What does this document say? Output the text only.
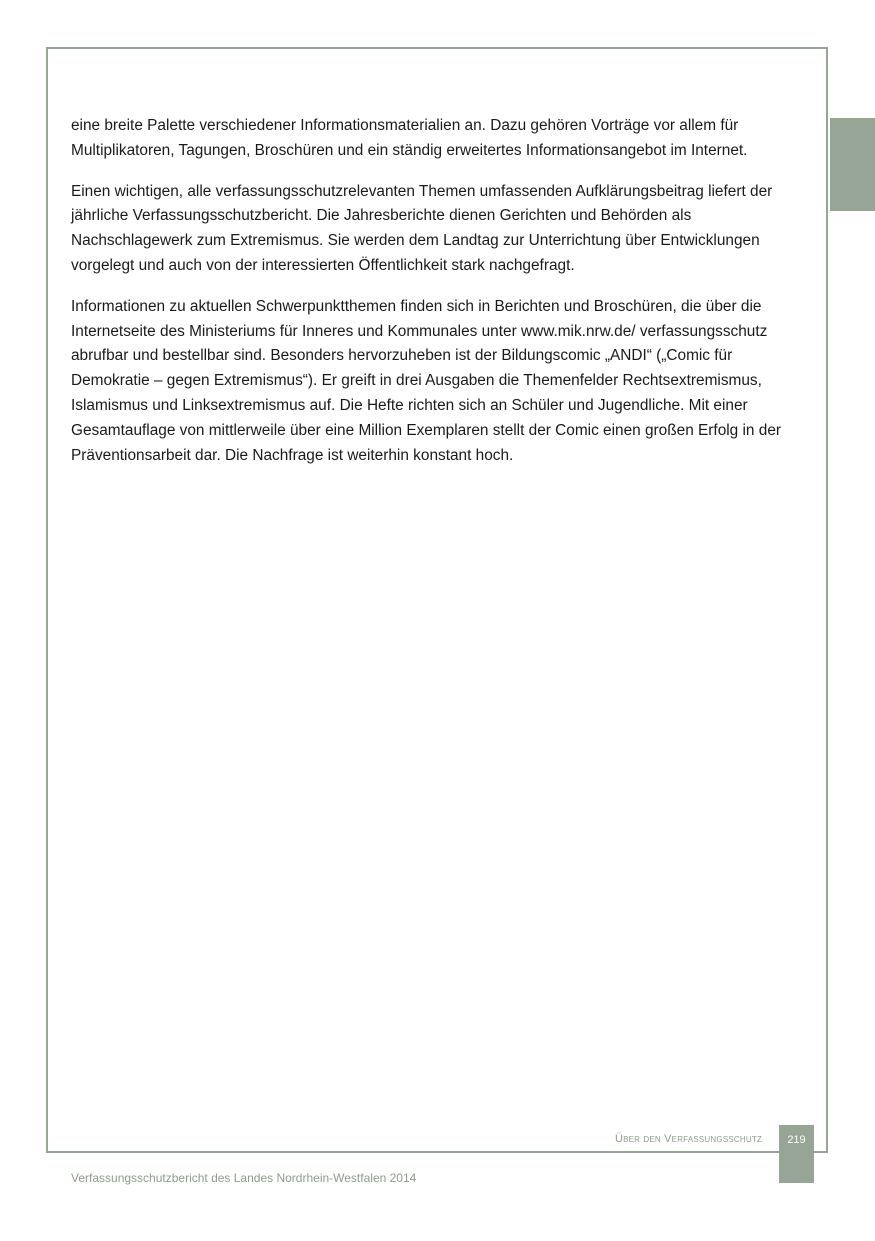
eine breite Palette verschiedener Informationsmaterialien an. Dazu gehören Vorträge vor allem für Multiplikatoren, Tagungen, Broschüren und ein ständig erweitertes Informationsangebot im Internet.

Einen wichtigen, alle verfassungsschutzrelevanten Themen umfassenden Aufklärungsbeitrag liefert der jährliche Verfassungsschutzbericht. Die Jahresberichte dienen Gerichten und Behörden als Nachschlagewerk zum Extremismus. Sie werden dem Landtag zur Unterrichtung über Entwicklungen vorgelegt und auch von der interessierten Öffentlichkeit stark nachgefragt.

Informationen zu aktuellen Schwerpunktthemen finden sich in Berichten und Broschüren, die über die Internetseite des Ministeriums für Inneres und Kommunales unter www.mik.nrw.de/ verfassungsschutz abrufbar und bestellbar sind. Besonders hervorzuheben ist der Bildungscomic „ANDI“ („Comic für Demokratie – gegen Extremismus“). Er greift in drei Ausgaben die Themenfelder Rechtsextremismus, Islamismus und Linksextremismus auf. Die Hefte richten sich an Schüler und Jugendliche. Mit einer Gesamtauflage von mittlerweile über eine Million Exemplaren stellt der Comic einen großen Erfolg in der Präventionsarbeit dar. Die Nachfrage ist weiterhin konstant hoch.

Über den Verfassungsschutz	219
Verfassungsschutzbericht des Landes Nordrhein-Westfalen 2014
